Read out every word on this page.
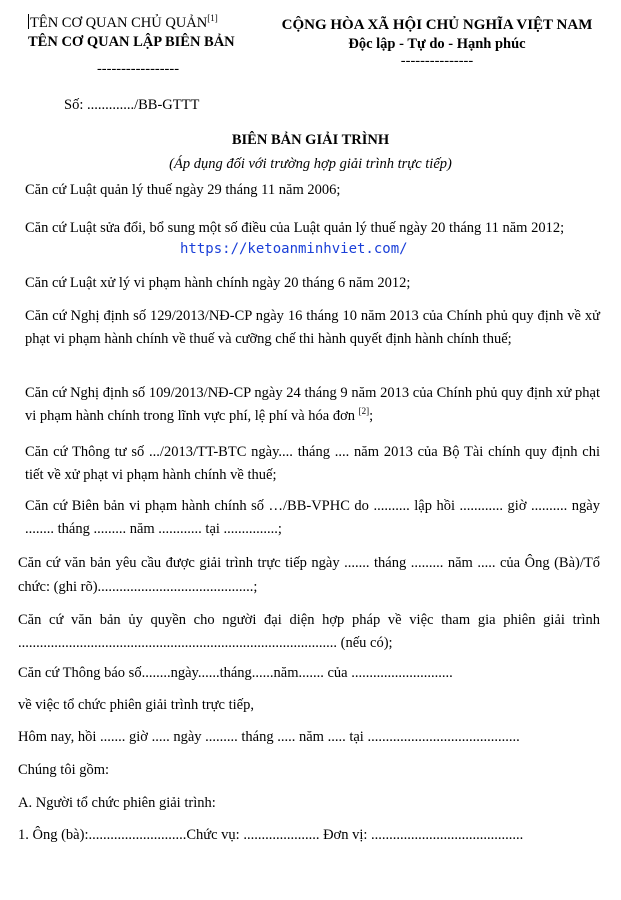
TÊN CƠ QUAN CHỦ QUẢN[1]
TÊN CƠ QUAN LẬP BIÊN BẢN
-----------------
CỘNG HÒA XÃ HỘI CHỦ NGHĨA VIỆT NAM
Độc lập - Tự do - Hạnh phúc
---------------
Số: ............./BB-GTTT
BIÊN BẢN GIẢI TRÌNH
(Áp dụng đối với trường hợp giải trình trực tiếp)
Căn cứ Luật quản lý thuế ngày 29 tháng 11 năm 2006;
Căn cứ Luật sửa đổi, bổ sung một số điều của Luật quản lý thuế ngày 20 tháng 11 năm 2012;
https://ketoanminhviet.com/
Căn cứ Luật xử lý vi phạm hành chính ngày 20 tháng 6 năm 2012;
Căn cứ Nghị định số 129/2013/NĐ-CP ngày 16 tháng 10 năm 2013 của Chính phủ quy định về xử phạt vi phạm hành chính về thuế và cưỡng chế thi hành quyết định hành chính thuế;
Căn cứ Nghị định số 109/2013/NĐ-CP ngày 24 tháng 9 năm 2013 của Chính phủ quy định xử phạt vi phạm hành chính trong lĩnh vực phí, lệ phí và hóa đơn [2];
Căn cứ Thông tư số .../2013/TT-BTC ngày.... tháng .... năm 2013 của Bộ Tài chính quy định chi tiết về xử phạt vi phạm hành chính về thuế;
Căn cứ Biên bản vi phạm hành chính số …/BB-VPHC do .......... lập hồi ............ giờ .......... ngày ........ tháng ......... năm ............ tại ...............;
Căn cứ văn bản yêu cầu được giải trình trực tiếp ngày ....... tháng ......... năm ..... của Ông (Bà)/Tổ chức: (ghi rõ)...........................................;
Căn cứ văn bản ủy quyền cho người đại diện hợp pháp về việc tham gia phiên giải trình ........................................................................................ (nếu có);
Căn cứ Thông báo số........ngày......tháng......năm....... của ............................
về việc tổ chức phiên giải trình trực tiếp,
Hôm nay, hồi ....... giờ ..... ngày ......... tháng ..... năm ..... tại ..........................................
Chúng tôi gồm:
A. Người tổ chức phiên giải trình:
1. Ông (bà):...........................Chức vụ: ..................... Đơn vị: ..........................................
